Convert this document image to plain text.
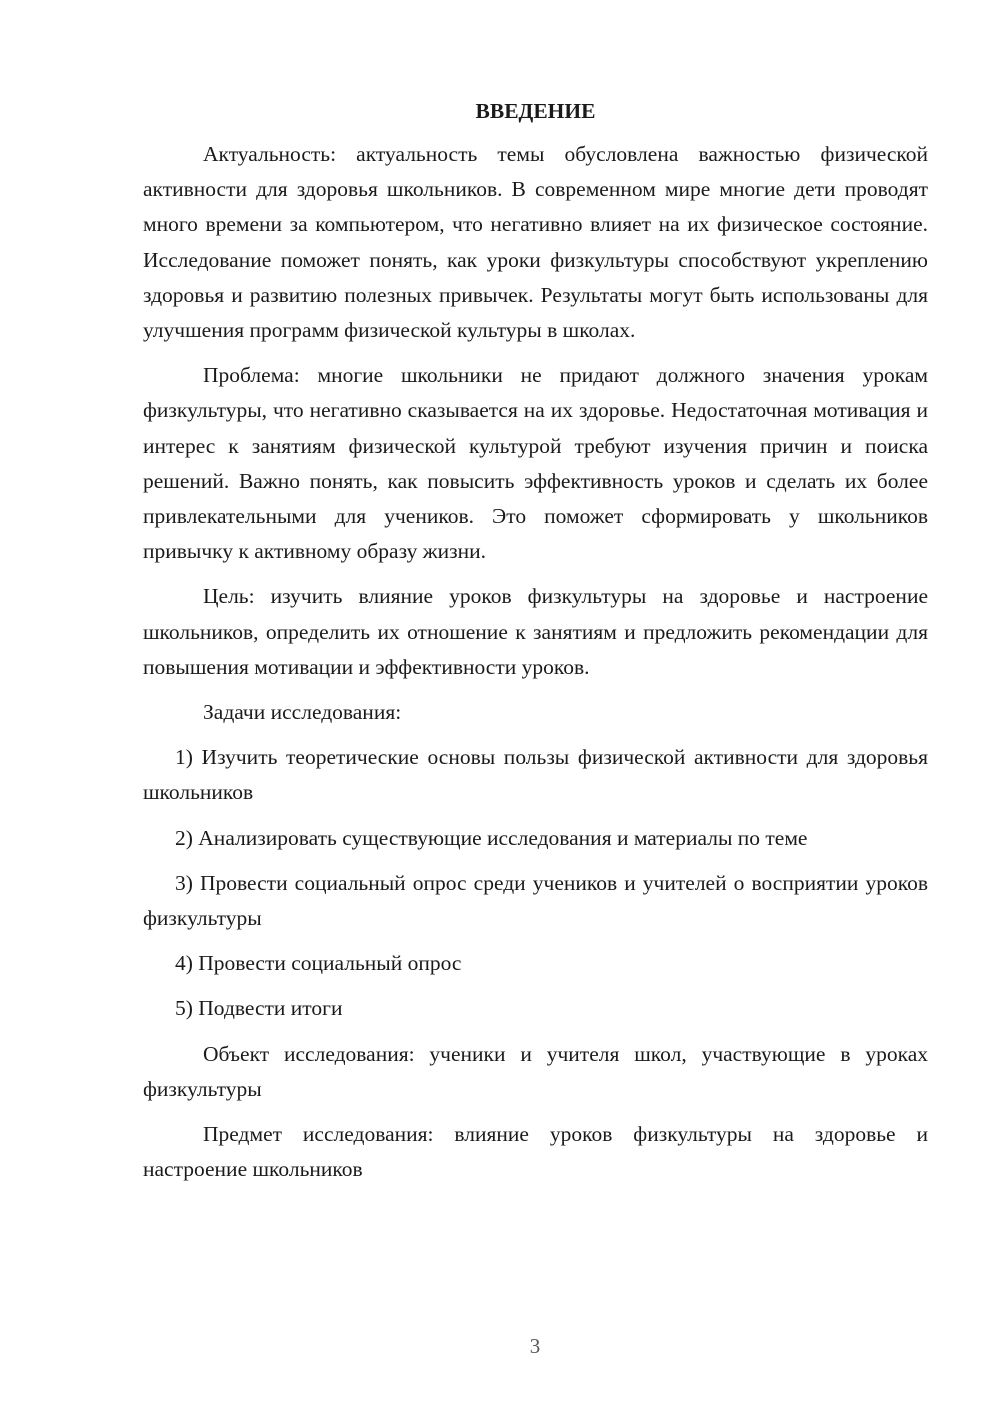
ВВЕДЕНИЕ

Актуальность: актуальность темы обусловлена важностью физической активности для здоровья школьников. В современном мире многие дети проводят много времени за компьютером, что негативно влияет на их физическое состояние. Исследование поможет понять, как уроки физкультуры способствуют укреплению здоровья и развитию полезных привычек. Результаты могут быть использованы для улучшения программ физической культуры в школах.

Проблема: многие школьники не придают должного значения урокам физкультуры, что негативно сказывается на их здоровье. Недостаточная мотивация и интерес к занятиям физической культурой требуют изучения причин и поиска решений. Важно понять, как повысить эффективность уроков и сделать их более привлекательными для учеников. Это поможет сформировать у школьников привычку к активному образу жизни.

Цель: изучить влияние уроков физкультуры на здоровье и настроение школьников, определить их отношение к занятиям и предложить рекомендации для повышения мотивации и эффективности уроков.

Задачи исследования:

1) Изучить теоретические основы пользы физической активности для здоровья школьников

2) Анализировать существующие исследования и материалы по теме

3) Провести социальный опрос среди учеников и учителей о восприятии уроков физкультуры

4) Провести социальный опрос

5) Подвести итоги

Объект исследования: ученики и учителя школ, участвующие в уроках физкультуры

Предмет исследования: влияние уроков физкультуры на здоровье и настроение школьников

3
